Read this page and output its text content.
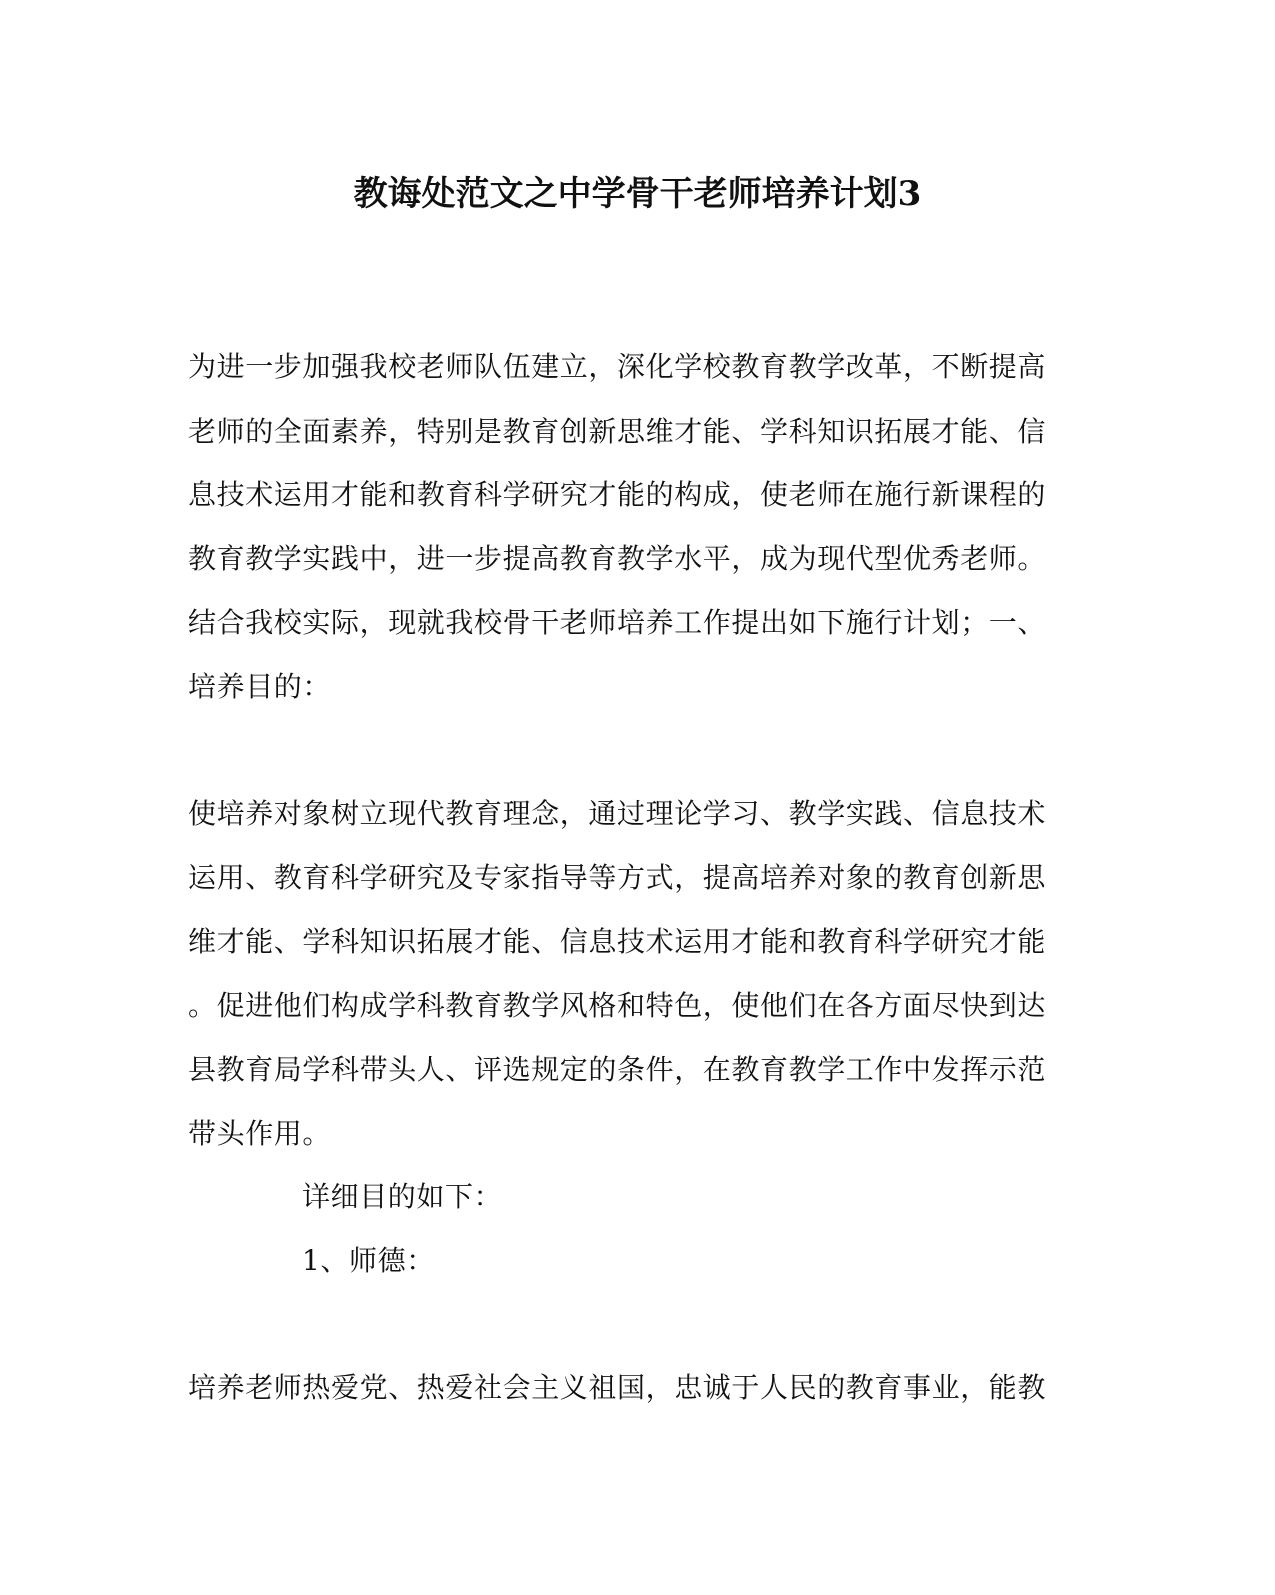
教诲处范文之中学骨干老师培养计划3
为进一步加强我校老师队伍建立，深化学校教育教学改革，不断提高
老师的全面素养，特别是教育创新思维才能、学科知识拓展才能、信
息技术运用才能和教育科学研究才能的构成，使老师在施行新课程的
教育教学实践中，进一步提高教育教学水平，成为现代型优秀老师。
结合我校实际，现就我校骨干老师培养工作提出如下施行计划；一、
培养目的：
使培养对象树立现代教育理念，通过理论学习、教学实践、信息技术
运用、教育科学研究及专家指导等方式，提高培养对象的教育创新思
维才能、学科知识拓展才能、信息技术运用才能和教育科学研究才能
。促进他们构成学科教育教学风格和特色，使他们在各方面尽快到达
县教育局学科带头人、评选规定的条件，在教育教学工作中发挥示范
带头作用。
详细目的如下：
1、师德：
培养老师热爱党、热爱社会主义祖国，忠诚于人民的教育事业，能教
